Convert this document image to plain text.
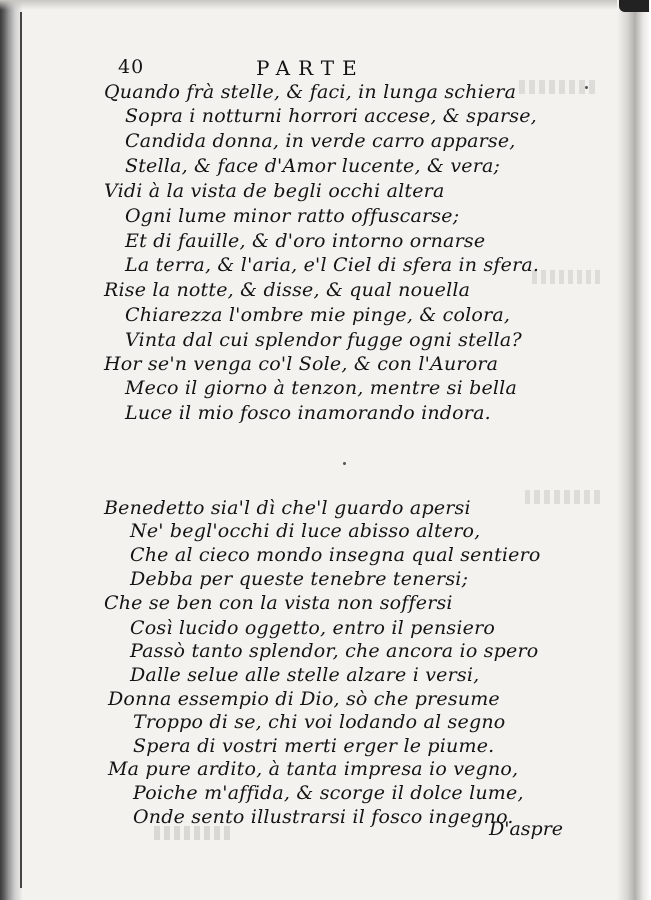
40	PARTE
Quando frà stelle, & faci, in lunga schiera
Sopra i notturni horrori accese, & sparse,
Candida donna, in verde carro apparse,
Stella, & face d'Amor lucente, & vera;
Vidi à la vista de begli occhi altera
Ogni lume minor ratto offuscarse;
Et di fauille, & d'oro intorno ornarse
La terra, & l'aria, e'l Ciel di sfera in sfera.
Rise la notte, & disse, & qual nouella
Chiarezza l'ombre mie pinge, & colora,
Vinta dal cui splendor fugge ogni stella?
Hor se'n venga co'l Sole, & con l'Aurora
Meco il giorno à tenzon, mentre si bella
Luce il mio fosco inamorando indora.
Benedetto sia'l dì che'l guardo apersi
Ne' begl'occhi di luce abisso altero,
Che al cieco mondo insegna qual sentiero
Debba per queste tenebre tenersi;
Che se ben con la vista non soffersi
Così lucido oggetto, entro il pensiero
Passò tanto splendor, che ancora io spero
Dalle selue alle stelle alzare i versi,
Donna essempio di Dio, sò che presume
Troppo di se, chi voi lodando al segno
Spera di vostri merti erger le piume.
Ma pure ardito, à tanta impresa io vegno,
Poiche m'affida, & scorge il dolce lume,
Onde sento illustrarsi il fosco ingegno.
D'aspre
